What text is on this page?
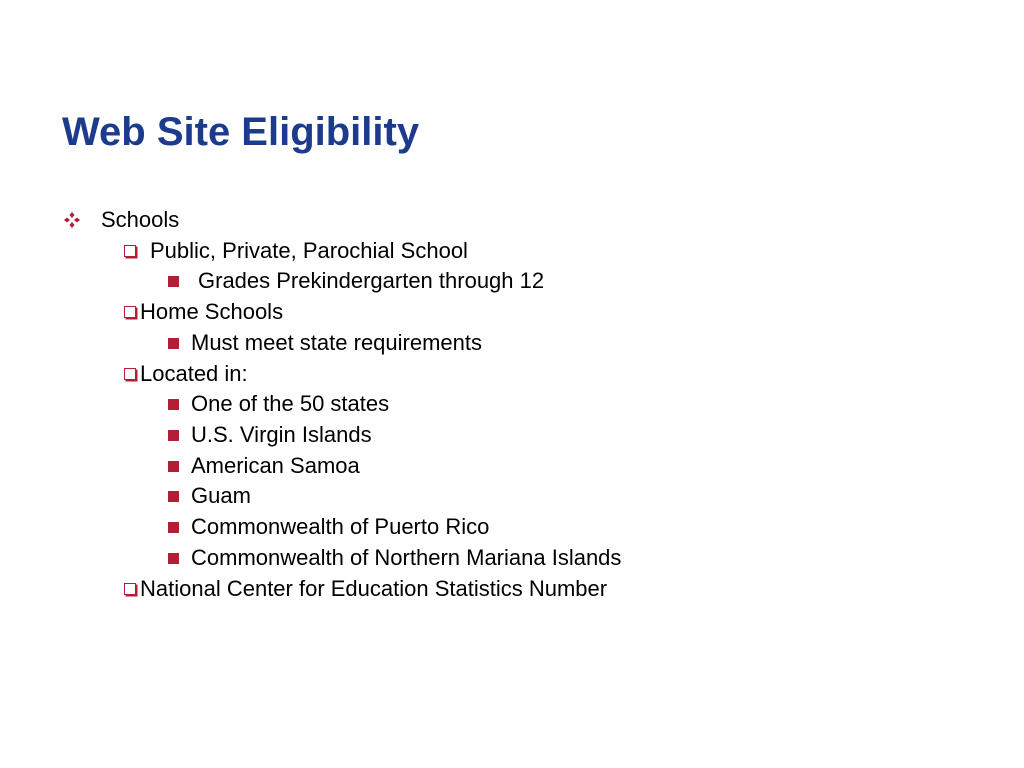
Web Site Eligibility
Schools
Public, Private, Parochial School
Grades Prekindergarten through 12
Home Schools
Must meet state requirements
Located in:
One of the 50 states
U.S. Virgin Islands
American Samoa
Guam
Commonwealth of Puerto Rico
Commonwealth of Northern Mariana Islands
National Center for Education Statistics Number
